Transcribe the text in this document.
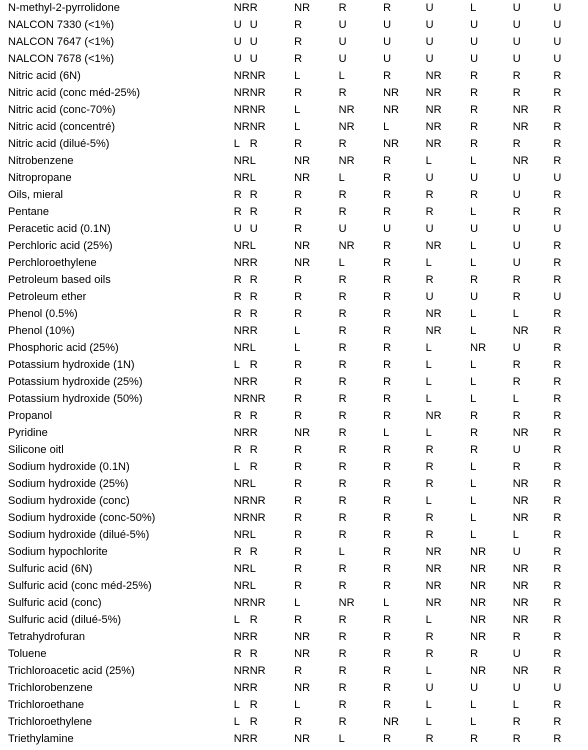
N-methyl-2-pyrrolidone	NR	R	NR	R	R	U	L	U	U
NALCON 7330 (<1%)	U	U	R	U	U	U	U	U	U
NALCON 7647 (<1%)	U	U	R	U	U	U	U	U	U
NALCON 7678 (<1%)	U	U	R	U	U	U	U	U	U
Nitric acid (6N)	NR	NR	L	L	R	NR	R	R	R
Nitric acid (conc méd-25%)	NR	NR	R	R	NR	NR	R	R	R
Nitric acid (conc-70%)	NR	NR	L	NR	NR	NR	R	NR	R
Nitric acid (concentré)	NR	NR	L	NR	L	NR	R	NR	R
Nitric acid (dilué-5%)	L	R	R	R	NR	NR	R	R	R
Nitrobenzene	NR	L	NR	NR	R	L	L	NR	R
Nitropropane	NR	L	NR	L	R	U	U	U	U
Oils, mieral	R	R	R	R	R	R	R	U	R
Pentane	R	R	R	R	R	R	L	R	R
Peracetic acid (0.1N)	U	U	R	U	U	U	U	U	U
Perchloric acid (25%)	NR	L	NR	NR	R	NR	L	U	R
Perchloroethylene	NR	R	NR	L	R	L	L	U	R
Petroleum based oils	R	R	R	R	R	R	R	R	R
Petroleum ether	R	R	R	R	R	U	U	R	U
Phenol (0.5%)	R	R	R	R	R	NR	L	L	R
Phenol (10%)	NR	R	L	R	R	NR	L	NR	R
Phosphoric acid (25%)	NR	L	L	R	R	L	NR	U	R
Potassium hydroxide (1N)	L	R	R	R	R	L	L	R	R
Potassium hydroxide (25%)	NR	R	R	R	R	L	L	R	R
Potassium hydroxide (50%)	NR	NR	R	R	R	L	L	L	R
Propanol	R	R	R	R	R	NR	R	R	R
Pyridine	NR	R	NR	R	L	L	R	NR	R
Silicone oitl	R	R	R	R	R	R	R	U	R
Sodium hydroxide (0.1N)	L	R	R	R	R	R	L	R	R
Sodium hydroxide (25%)	NR	L	R	R	R	R	L	NR	R
Sodium hydroxide (conc)	NR	NR	R	R	R	L	L	NR	R
Sodium hydroxide (conc-50%)	NR	NR	R	R	R	R	L	NR	R
Sodium hydroxide (dilué-5%)	NR	L	R	R	R	R	L	L	R
Sodium hypochlorite	R	R	R	L	R	NR	NR	U	R
Sulfuric acid (6N)	NR	L	R	R	R	NR	NR	NR	R
Sulfuric acid (conc méd-25%)	NR	L	R	R	R	NR	NR	NR	R
Sulfuric acid (conc)	NR	NR	L	NR	L	NR	NR	NR	R
Sulfuric acid (dilué-5%)	L	R	R	R	R	L	NR	NR	R
Tetrahydrofuran	NR	R	NR	R	R	R	NR	R	R
Toluene	R	R	NR	R	R	R	R	U	R
Trichloroacetic acid (25%)	NR	NR	R	R	R	L	NR	NR	R
Trichlorobenzene	NR	R	NR	R	R	U	U	U	U
Trichloroethane	L	R	L	R	R	L	L	L	R
Trichloroethylene	L	R	R	R	NR	L	L	R	R
Triethylamine	NR	R	NR	L	R	R	R	R	R
